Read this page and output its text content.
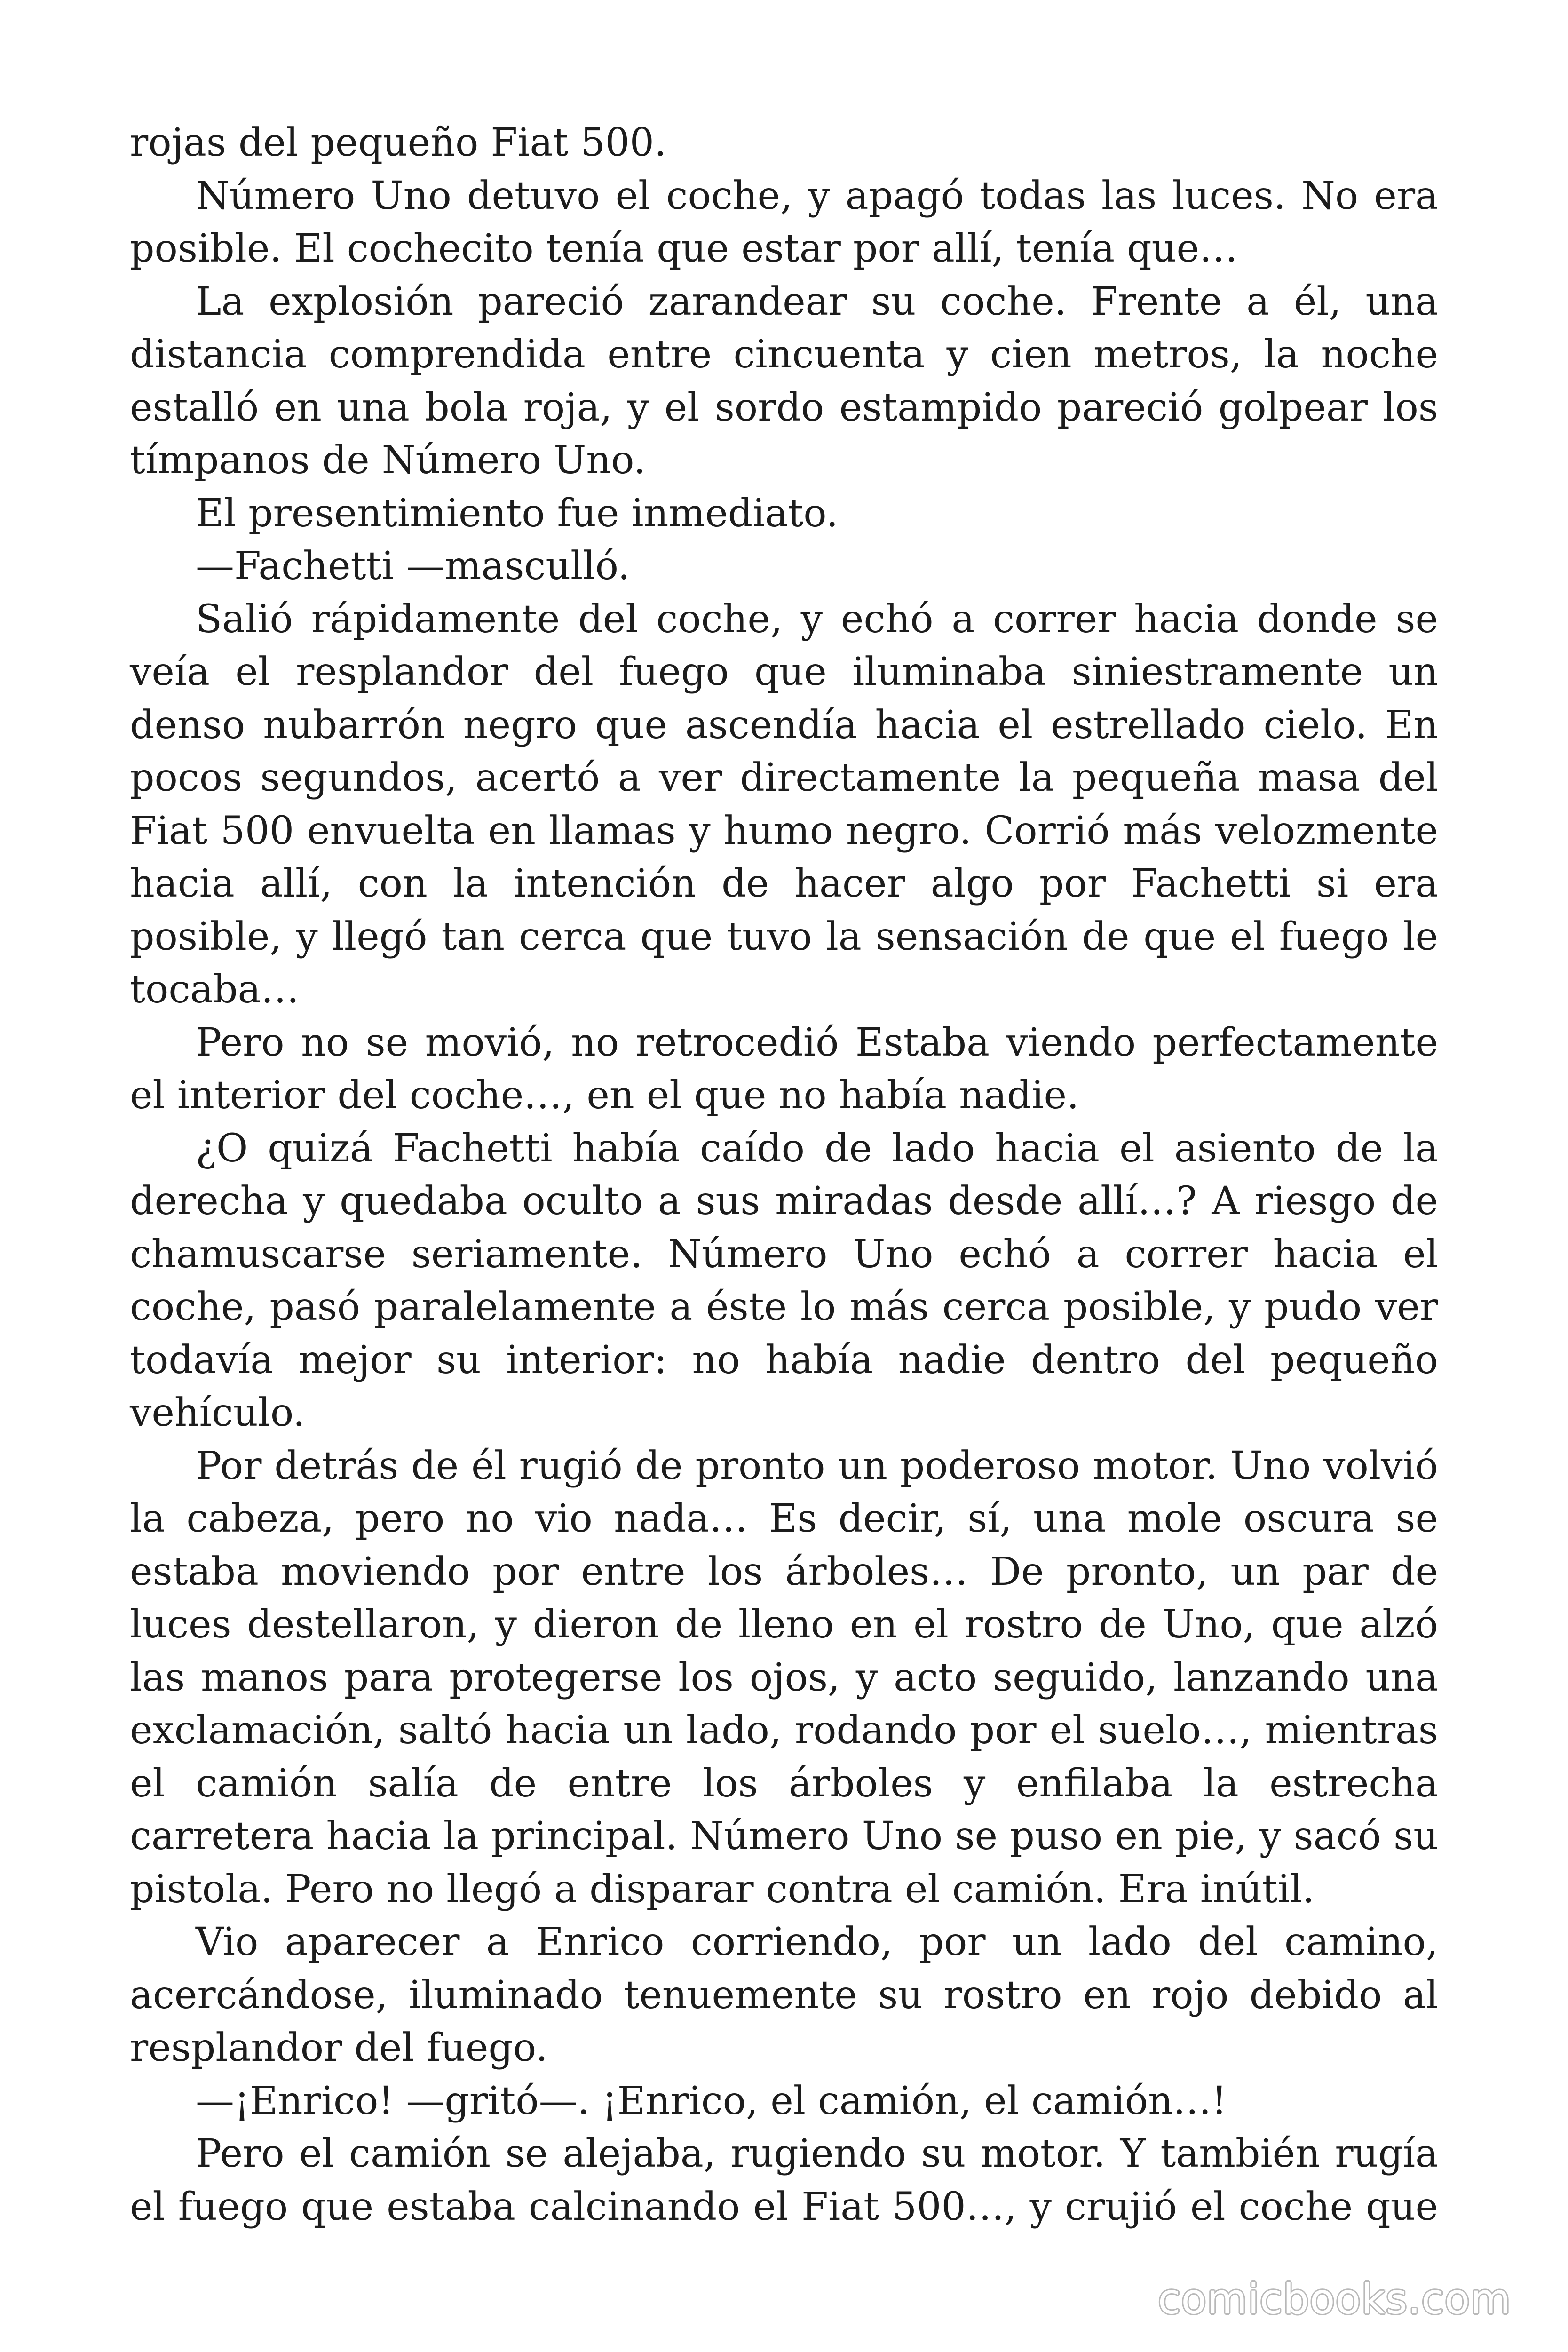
rojas del pequeño Fiat 500.

Número Uno detuvo el coche, y apagó todas las luces. No era posible. El cochecito tenía que estar por allí, tenía que…

La explosión pareció zarandear su coche. Frente a él, una distancia comprendida entre cincuenta y cien metros, la noche estalló en una bola roja, y el sordo estampido pareció golpear los tímpanos de Número Uno.

El presentimiento fue inmediato.

—Fachetti —masculló.

Salió rápidamente del coche, y echó a correr hacia donde se veía el resplandor del fuego que iluminaba siniestramente un denso nubarrón negro que ascendía hacia el estrellado cielo. En pocos segundos, acertó a ver directamente la pequeña masa del Fiat 500 envuelta en llamas y humo negro. Corrió más velozmente hacia allí, con la intención de hacer algo por Fachetti si era posible, y llegó tan cerca que tuvo la sensación de que el fuego le tocaba…

Pero no se movió, no retrocedió Estaba viendo perfectamente el interior del coche…, en el que no había nadie.

¿O quizá Fachetti había caído de lado hacia el asiento de la derecha y quedaba oculto a sus miradas desde allí…? A riesgo de chamuscarse seriamente. Número Uno echó a correr hacia el coche, pasó paralelamente a éste lo más cerca posible, y pudo ver todavía mejor su interior: no había nadie dentro del pequeño vehículo.

Por detrás de él rugió de pronto un poderoso motor. Uno volvió la cabeza, pero no vio nada… Es decir, sí, una mole oscura se estaba moviendo por entre los árboles… De pronto, un par de luces destellaron, y dieron de lleno en el rostro de Uno, que alzó las manos para protegerse los ojos, y acto seguido, lanzando una exclamación, saltó hacia un lado, rodando por el suelo…, mientras el camión salía de entre los árboles y enfilaba la estrecha carretera hacia la principal. Número Uno se puso en pie, y sacó su pistola. Pero no llegó a disparar contra el camión. Era inútil.

Vio aparecer a Enrico corriendo, por un lado del camino, acercándose, iluminado tenuemente su rostro en rojo debido al resplandor del fuego.

—¡Enrico! —gritó—. ¡Enrico, el camión, el camión…!

Pero el camión se alejaba, rugiendo su motor. Y también rugía el fuego que estaba calcinando el Fiat 500…, y crujió el coche que

comicbooks.com
